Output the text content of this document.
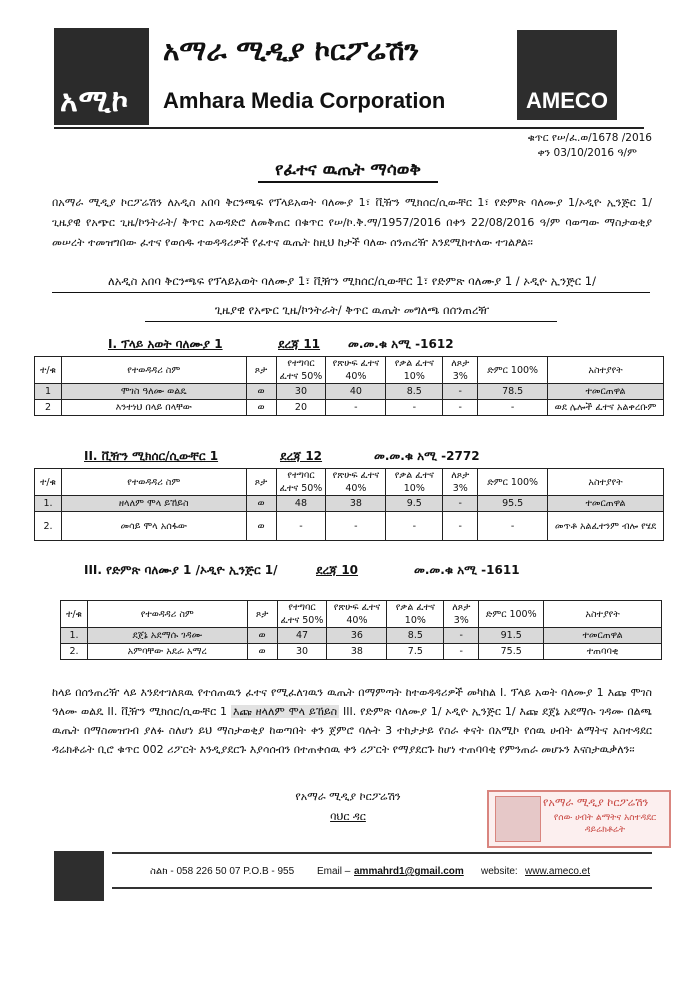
አሚኮ
አማራ ሚዲያ ኮርፖሬሽን
Amhara Media Corporation	AMECO
ቁጥር የሠ/ፈ.ወ/1678 /2016
ቀን 03/10/2016 ዓ/ም
የፈተና ዉጤት ማሳወቅ
በአማራ ሚዲያ ኮርፖሬሽን ለአዲስ አበባ ቅርንጫፍ የፕላይአወት ባለሙያ 1፣ ቪዥን ሚክሰር/ሲውቸር 1፣ የድምጽ ባለሙያ 1/ኦዲዮ ኢንጅር 1/ ጊዜያዊ የአጭር ጊዜ/ኮንትራት/ ቅጥር አወዳድሮ ለመቅጠር በቁጥር የሠ/ኮ.ቅ.ማ/1957/2016 በቀን 22/08/2016 ዓ/ም ባወጣው ማስታወቂያ መሠረት ተመዝግበው ፈተና የወሰዱ ተወዳዳሪዎች የፈተና ዉጤት ከዚህ ከታች ባለው ሰንጠረዥ እንደሚከተለው ተገልፆል፡፡
ለአዲስ አበባ ቅርንጫፍ የፕላይአወት ባለሙያ 1፣ ቪዥን ሚክሰር/ሲውቸር 1፣ የድምጽ ባለሙያ 1 / ኦዲዮ ኢንጅር 1/
ጊዜያዊ የአጭር ጊዜ/ኮንትራት/ ቅጥር ዉጤት መግለጫ በሰንጠረዥ
I. ፕላይ አወት ባለሙያ 1	ደረጃ 11 መ.መ.ቁ አሚ -1612
ተ/ቁ	የተወዳዳሪ ስም	ጾታ	የተግባር ፈተና 50%	የጽሁፍ ፈተና 40%	የቃል ፈተና 10%	ለጾታ 3%	ድምር 100%	አስተያየት
1	ሞገስ ዓለሙ ወልዴ	ወ	30	40	8.5	-	78.5	ተመርጠዋል
2	እንተነህ በላይ በላቸው	ወ	20	-	-	-	-	ወደ ሌሎች ፈተና አልቀረቡም
II. ቪዥን ሚክሰር/ሲውቸር 1	ደረጃ 12	መ.መ.ቁ አሚ -2772
ተ/ቁ	የተወዳዳሪ ስም	ጾታ	የተግባር ፈተና 50%	የጽሁፍ ፈተና 40%	የቃል ፈተና 10%	ለጾታ 3%	ድምር 100%	አስተያየት
1.	ዘላለም ሞላ ይኸይስ	ወ	48	38	9.5	-	95.5	ተመርጠዋል
2.	መሳይ ሞላ አሰፋው	ወ	-	-	-	-	-	መጥቶ አልፈተንም ብሎ የሄደ
III. የድምጽ ባለሙያ 1 /ኦዲዮ ኢንጅር 1/	ደረጃ 10	መ.መ.ቁ አሚ -1611
ተ/ቁ	የተወዳዳሪ ስም	ጾታ	የተግባር ፈተና 50%	የጽሁፍ ፈተና 40%	የቃል ፈተና 10%	ለጾታ 3%	ድምር 100%	አስተያየት
1.	ደጀኔ አደማሱ ገዳሙ	ወ	47	36	8.5	-	91.5	ተመርጠዋል
2.	አምባቸው አደራ አማረ	ወ	30	38	7.5	-	75.5	ተጠባባቂ
ከላይ በሰንጠረዥ ላይ እንደተገለጸዉ የተሰጠዉን ፈተና የሚፈለገዉን ዉጤት በማምጣት ከተወዳዳሪዎች መካከል I. ፕላይ አወት ባለሙያ 1 እጩ ሞገስ ዓለሙ ወልዴ II. ቪዥን ሚክሰር/ሲውቸር 1 እጩ ዘላለም ሞላ ይኸይስ III. የድምጽ ባለሙያ 1/ ኦዲዮ ኢንጅር 1/ እጩ ደጀኔ አደማሱ ገዳሙ በልጫ ዉጤት በማስመዝገብ ያለፉ ስለሆነ ይህ ማስታወቂያ ከወጣበት ቀን ጀምሮ ባሉት 3 ተከታታይ የስራ ቀናት በአሚኮ የሰዉ ሀብት ልማትና አስተዳደር ዳሬክቶሬት ቢሮ ቁጥር 002 ሪፖርት እንዲያደርጉ እያሳሰብን በተጠቀሰዉ ቀን ሪፖርት የማያደርጉ ከሆነ ተጠባባቂ የምንጠራ መሆኑን እናስታዉቃለን፡፡
የአማራ ሚዲያ ኮርፖሬሽን
ባህር ዳር
የአማራ ሚዲያ ኮርፖሬሽን
የሰው ሀብት ልማትና አስተዳደር ዳይሬክቶሬት
ስልክ - 058 226 50 07 P.O.B - 955 Email – ammahrd1@gmail.com website: www.ameco.et
